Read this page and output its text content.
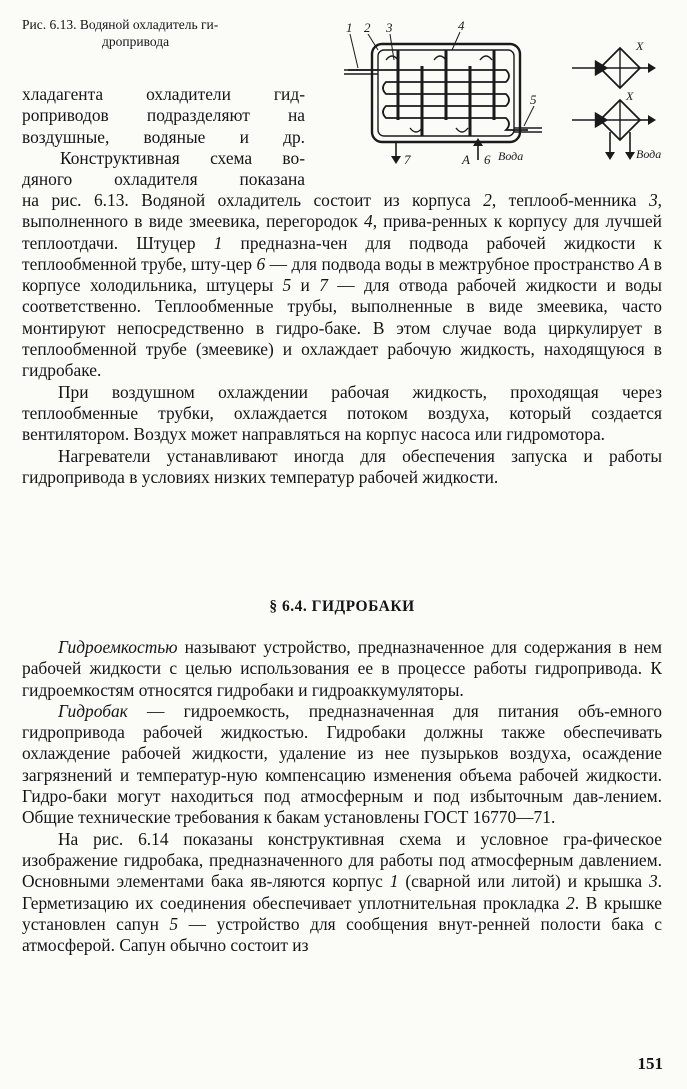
Рис. 6.13. Водяной охладитель ги-
дропривода
1 2 3	4
5
7	А 6 Вода	Вода
X
X

хладагента охладители гид-

роприводов подразделяют на

воздушные, водяные и др.

Конструктивная схема во-

дяного охладителя показана

на рис. 6.13. Водяной охладитель состоит из корпуса 2, теплооб-менника 3, выполненного в виде змеевика, перегородок 4, прива-ренных к корпусу для лучшей теплоотдачи. Штуцер 1 предназна-чен для подвода рабочей жидкости к теплообменной трубе, шту-цер 6 — для подвода воды в межтрубное пространство А в корпусе холодильника, штуцеры 5 и 7 — для отвода рабочей жидкости и воды соответственно. Теплообменные трубы, выполненные в виде змеевика, часто монтируют непосредственно в гидро-баке. В этом случае вода циркулирует в теплообменной трубе (змеевике) и охлаждает рабочую жидкость, находящуюся в гидробаке.

При воздушном охлаждении рабочая жидкость, проходящая через теплообменные трубки, охлаждается потоком воздуха, который создается вентилятором. Воздух может направляться на корпус насоса или гидромотора.

Нагреватели устанавливают иногда для обеспечения запуска и работы гидропривода в условиях низких температур рабочей жидкости.

§ 6.4. ГИДРОБАКИ

Гидроемкостью называют устройство, предназначенное для содержания в нем рабочей жидкости с целью использования ее в процессе работы гидропривода. К гидроемкостям относятся гидробаки и гидроаккумуляторы.

Гидробак — гидроемкость, предназначенная для питания объ-емного гидропривода рабочей жидкостью. Гидробаки должны также обеспечивать охлаждение рабочей жидкости, удаление из нее пузырьков воздуха, осаждение загрязнений и температур-ную компенсацию изменения объема рабочей жидкости. Гидро-баки могут находиться под атмосферным и под избыточным дав-лением. Общие технические требования к бакам установлены ГОСТ 16770—71.

На рис. 6.14 показаны конструктивная схема и условное гра-фическое изображение гидробака, предназначенного для работы под атмосферным давлением. Основными элементами бака яв-ляются корпус 1 (сварной или литой) и крышка 3. Герметизацию их соединения обеспечивает уплотнительная прокладка 2. В крышке установлен сапун 5 — устройство для сообщения внут-ренней полости бака с атмосферой. Сапун обычно состоит из

151
